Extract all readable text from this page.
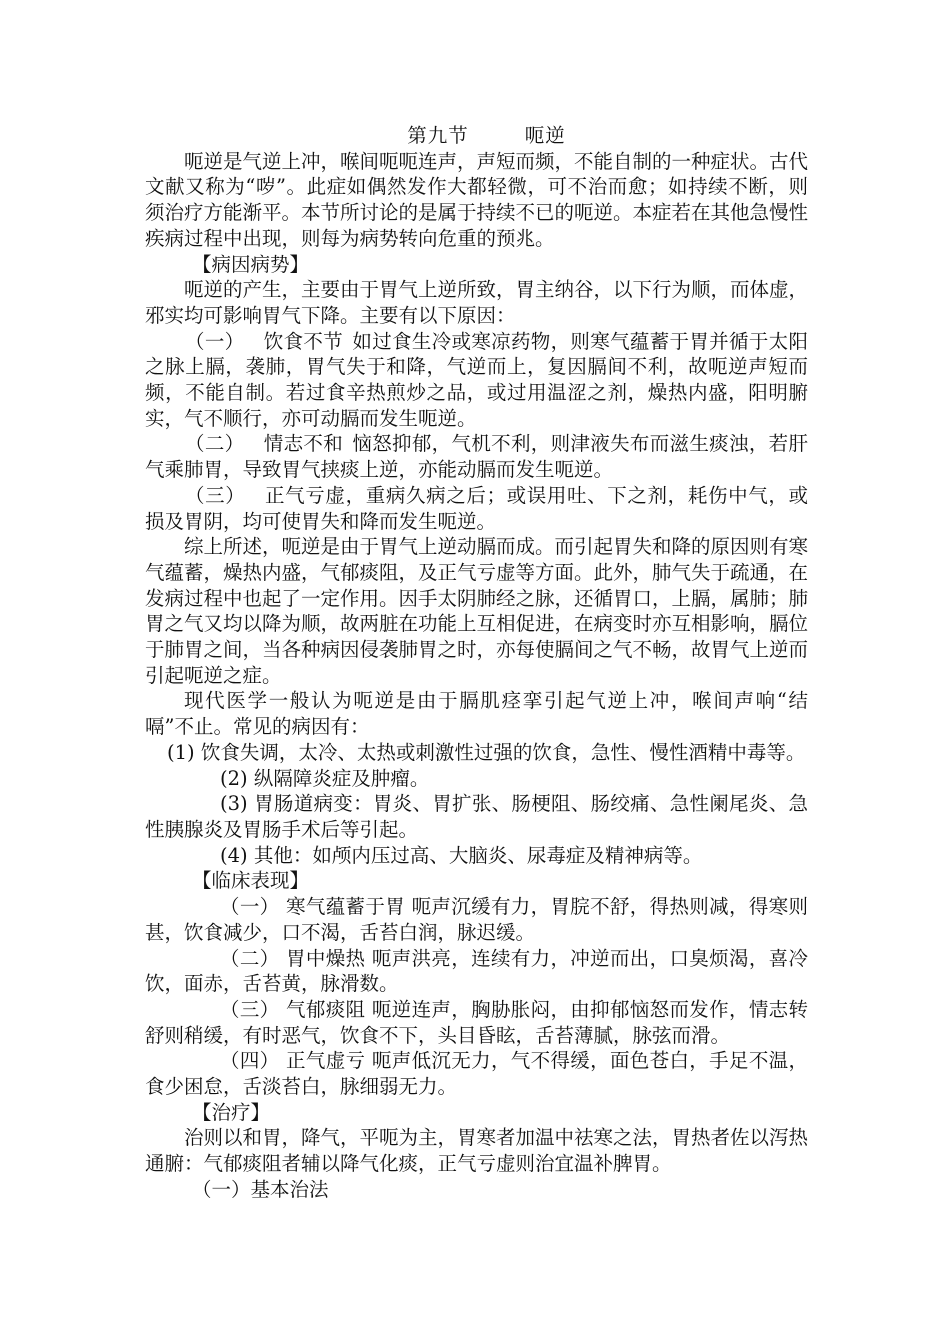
第九节	呃逆

呃逆是气逆上冲，喉间呃呃连声，声短而频，不能自制的一种症状。古代文献又称为“哕”。此症如偶然发作大都轻微，可不治而愈；如持续不断，则须治疗方能渐平。本节所讨论的是属于持续不已的呃逆。本症若在其他急慢性疾病过程中出现，则每为病势转向危重的预兆。

【病因病势】

呃逆的产生，主要由于胃气上逆所致，胃主纳谷，以下行为顺，而体虚，邪实均可影响胃气下降。主要有以下原因：

（一） 饮食不节 如过食生冷或寒凉药物，则寒气蕴蓄于胃并循于太阳之脉上膈，袭肺，胃气失于和降，气逆而上，复因膈间不利，故呃逆声短而频，不能自制。若过食辛热煎炒之品，或过用温涩之剂，燥热内盛，阳明腑实，气不顺行，亦可动膈而发生呃逆。

（二） 情志不和 恼怒抑郁，气机不利，则津液失布而滋生痰浊，若肝气乘肺胃，导致胃气挟痰上逆，亦能动膈而发生呃逆。

（三） 正气亏虚，重病久病之后；或误用吐、下之剂，耗伤中气，或损及胃阴，均可使胃失和降而发生呃逆。

综上所述，呃逆是由于胃气上逆动膈而成。而引起胃失和降的原因则有寒气蕴蓄，燥热内盛，气郁痰阻，及正气亏虚等方面。此外，肺气失于疏通，在发病过程中也起了一定作用。因手太阴肺经之脉，还循胃口，上膈，属肺；肺胃之气又均以降为顺，故两脏在功能上互相促进，在病变时亦互相影响，膈位于肺胃之间，当各种病因侵袭肺胃之时，亦每使膈间之气不畅，故胃气上逆而引起呃逆之症。

现代医学一般认为呃逆是由于膈肌痉挛引起气逆上冲，喉间声响“结嗝”不止。常见的病因有：

(1) 饮食失调，太冷、太热或刺激性过强的饮食，急性、慢性酒精中毒等。

(2) 纵隔障炎症及肿瘤。

(3) 胃肠道病变：胃炎、胃扩张、肠梗阻、肠绞痛、急性阑尾炎、急性胰腺炎及胃肠手术后等引起。

(4) 其他：如颅内压过高、大脑炎、尿毒症及精神病等。

【临床表现】

（一） 寒气蕴蓄于胃 呃声沉缓有力，胃脘不舒，得热则减，得寒则甚，饮食减少，口不渴，舌苔白润，脉迟缓。

（二） 胃中燥热 呃声洪亮，连续有力，冲逆而出，口臭烦渴，喜冷饮，面赤，舌苔黄，脉滑数。

（三） 气郁痰阻 呃逆连声，胸胁胀闷，由抑郁恼怒而发作，情志转舒则稍缓，有时恶气，饮食不下，头目昏眩，舌苔薄腻，脉弦而滑。

（四） 正气虚亏 呃声低沉无力，气不得缓，面色苍白，手足不温，食少困怠，舌淡苔白，脉细弱无力。

【治疗】

治则以和胃，降气，平呃为主，胃寒者加温中祛寒之法，胃热者佐以泻热通腑：气郁痰阻者辅以降气化痰，正气亏虚则治宜温补脾胃。

（一）基本治法
